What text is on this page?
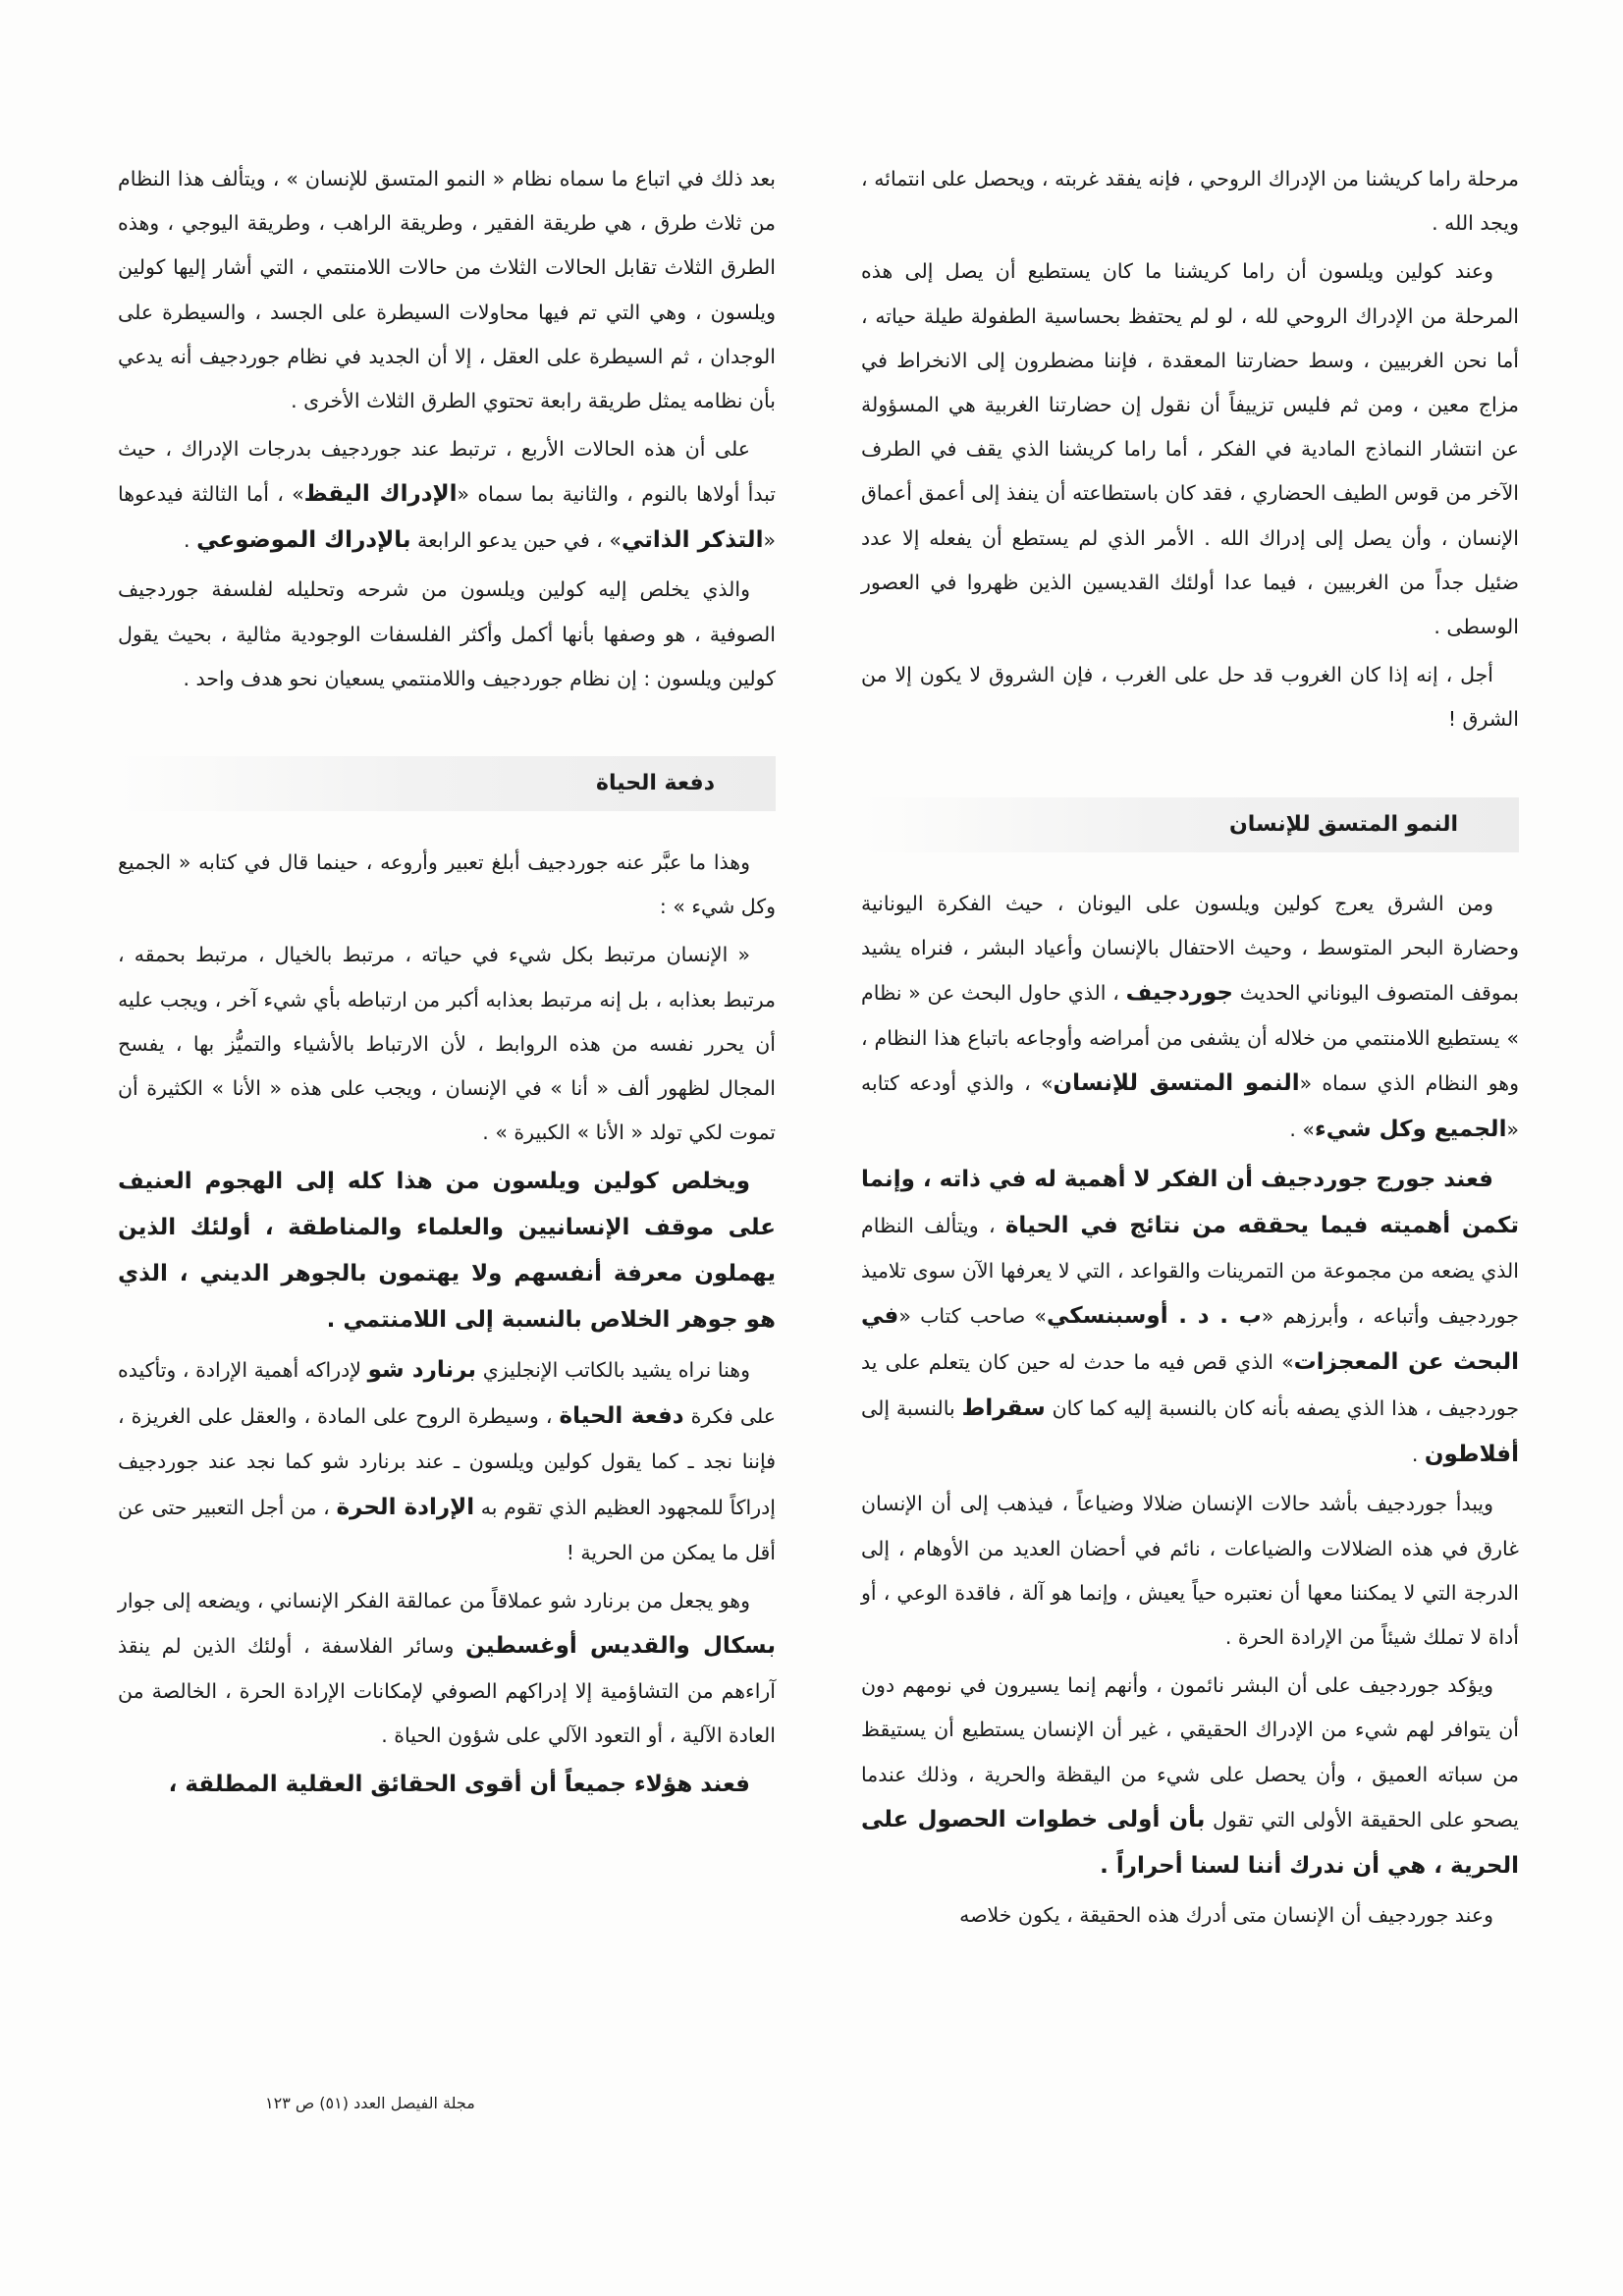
مرحلة راما كريشنا من الإدراك الروحي ، فإنه يفقد غربته ، ويحصل على انتمائه ، ويجد الله .

وعند كولين ويلسون أن راما كريشنا ما كان يستطيع أن يصل إلى هذه المرحلة من الإدراك الروحي لله ، لو لم يحتفظ بحساسية الطفولة طيلة حياته ، أما نحن الغربيين ، وسط حضارتنا المعقدة ، فإننا مضطرون إلى الانخراط في مزاج معين ، ومن ثم فليس تزييفاً أن نقول إن حضارتنا الغربية هي المسؤولة عن انتشار النماذج المادية في الفكر ، أما راما كريشنا الذي يقف في الطرف الآخر من قوس الطيف الحضاري ، فقد كان باستطاعته أن ينفذ إلى أعمق أعماق الإنسان ، وأن يصل إلى إدراك الله . الأمر الذي لم يستطع أن يفعله إلا عدد ضئيل جداً من الغربيين ، فيما عدا أولئك القديسين الذين ظهروا في العصور الوسطى .

أجل ، إنه إذا كان الغروب قد حل على الغرب ، فإن الشروق لا يكون إلا من الشرق !

النمو المتسق للإنسان

ومن الشرق يعرج كولين ويلسون على اليونان ، حيث الفكرة اليونانية وحضارة البحر المتوسط ، وحيث الاحتفال بالإنسان وأعياد البشر ، فنراه يشيد بموقف المتصوف اليوناني الحديث جوردجيف ، الذي حاول البحث عن « نظام » يستطيع اللامنتمي من خلاله أن يشفى من أمراضه وأوجاعه باتباع هذا النظام ، وهو النظام الذي سماه «النمو المتسق للإنسان» ، والذي أودعه كتابه «الجميع وكل شيء» .

فعند جورج جوردجيف أن الفكر لا أهمية له في ذاته ، وإنما تكمن أهميته فيما يحققه من نتائج في الحياة ، ويتألف النظام الذي يضعه من مجموعة من التمرينات والقواعد ، التي لا يعرفها الآن سوى تلاميذ جوردجيف وأتباعه ، وأبرزهم «ب . د . أوسبنسكي» صاحب كتاب «في البحث عن المعجزات» الذي قص فيه ما حدث له حين كان يتعلم على يد جوردجيف ، هذا الذي يصفه بأنه كان بالنسبة إليه كما كان سقراط بالنسبة إلى أفلاطون .

ويبدأ جوردجيف بأشد حالات الإنسان ضلالا وضياعاً ، فيذهب إلى أن الإنسان غارق في هذه الضلالات والضياعات ، نائم في أحضان العديد من الأوهام ، إلى الدرجة التي لا يمكننا معها أن نعتبره حياً يعيش ، وإنما هو آلة ، فاقدة الوعي ، أو أداة لا تملك شيئاً من الإرادة الحرة .

ويؤكد جوردجيف على أن البشر نائمون ، وأنهم إنما يسيرون في نومهم دون أن يتوافر لهم شيء من الإدراك الحقيقي ، غير أن الإنسان يستطيع أن يستيقظ من سباته العميق ، وأن يحصل على شيء من اليقظة والحرية ، وذلك عندما يصحو على الحقيقة الأولى التي تقول بأن أولى خطوات الحصول على الحرية ، هي أن ندرك أننا لسنا أحراراً .

وعند جوردجيف أن الإنسان متى أدرك هذه الحقيقة ، يكون خلاصه

بعد ذلك في اتباع ما سماه نظام « النمو المتسق للإنسان » ، ويتألف هذا النظام من ثلاث طرق ، هي طريقة الفقير ، وطريقة الراهب ، وطريقة اليوجي ، وهذه الطرق الثلاث تقابل الحالات الثلاث من حالات اللامنتمي ، التي أشار إليها كولين ويلسون ، وهي التي تم فيها محاولات السيطرة على الجسد ، والسيطرة على الوجدان ، ثم السيطرة على العقل ، إلا أن الجديد في نظام جوردجيف أنه يدعي بأن نظامه يمثل طريقة رابعة تحتوي الطرق الثلاث الأخرى .

على أن هذه الحالات الأربع ، ترتبط عند جوردجيف بدرجات الإدراك ، حيث تبدأ أولاها بالنوم ، والثانية بما سماه «الإدراك اليقظ» ، أما الثالثة فيدعوها «التذكر الذاتي» ، في حين يدعو الرابعة بالإدراك الموضوعي .

والذي يخلص إليه كولين ويلسون من شرحه وتحليله لفلسفة جوردجيف الصوفية ، هو وصفها بأنها أكمل وأكثر الفلسفات الوجودية مثالية ، بحيث يقول كولين ويلسون : إن نظام جوردجيف واللامنتمي يسعيان نحو هدف واحد .

دفعة الحياة

وهذا ما عبَّر عنه جوردجيف أبلغ تعبير وأروعه ، حينما قال في كتابه « الجميع وكل شيء » :

« الإنسان مرتبط بكل شيء في حياته ، مرتبط بالخيال ، مرتبط بحمقه ، مرتبط بعذابه ، بل إنه مرتبط بعذابه أكبر من ارتباطه بأي شيء آخر ، ويجب عليه أن يحرر نفسه من هذه الروابط ، لأن الارتباط بالأشياء والتميُّز بها ، يفسح المجال لظهور ألف « أنا » في الإنسان ، ويجب على هذه « الأنا » الكثيرة أن تموت لكي تولد « الأنا » الكبيرة » .

ويخلص كولين ويلسون من هذا كله إلى الهجوم العنيف على موقف الإنسانيين والعلماء والمناطقة ، أولئك الذين يهملون معرفة أنفسهم ولا يهتمون بالجوهر الديني ، الذي هو جوهر الخلاص بالنسبة إلى اللامنتمي .

وهنا نراه يشيد بالكاتب الإنجليزي برنارد شو لإدراكه أهمية الإرادة ، وتأكيده على فكرة دفعة الحياة ، وسيطرة الروح على المادة ، والعقل على الغريزة ، فإننا نجد ـ كما يقول كولين ويلسون ـ عند برنارد شو كما نجد عند جوردجيف إدراكاً للمجهود العظيم الذي تقوم به الإرادة الحرة ، من أجل التعبير حتى عن أقل ما يمكن من الحرية !

وهو يجعل من برنارد شو عملاقاً من عمالقة الفكر الإنساني ، ويضعه إلى جوار بسكال والقديس أوغسطين وسائر الفلاسفة ، أولئك الذين لم ينقذ آراءهم من التشاؤمية إلا إدراكهم الصوفي لإمكانات الإرادة الحرة ، الخالصة من العادة الآلية ، أو التعود الآلي على شؤون الحياة .

فعند هؤلاء جميعاً أن أقوى الحقائق العقلية المطلقة ،

مجلة الفيصل العدد (٥١) ص ١٢٣
